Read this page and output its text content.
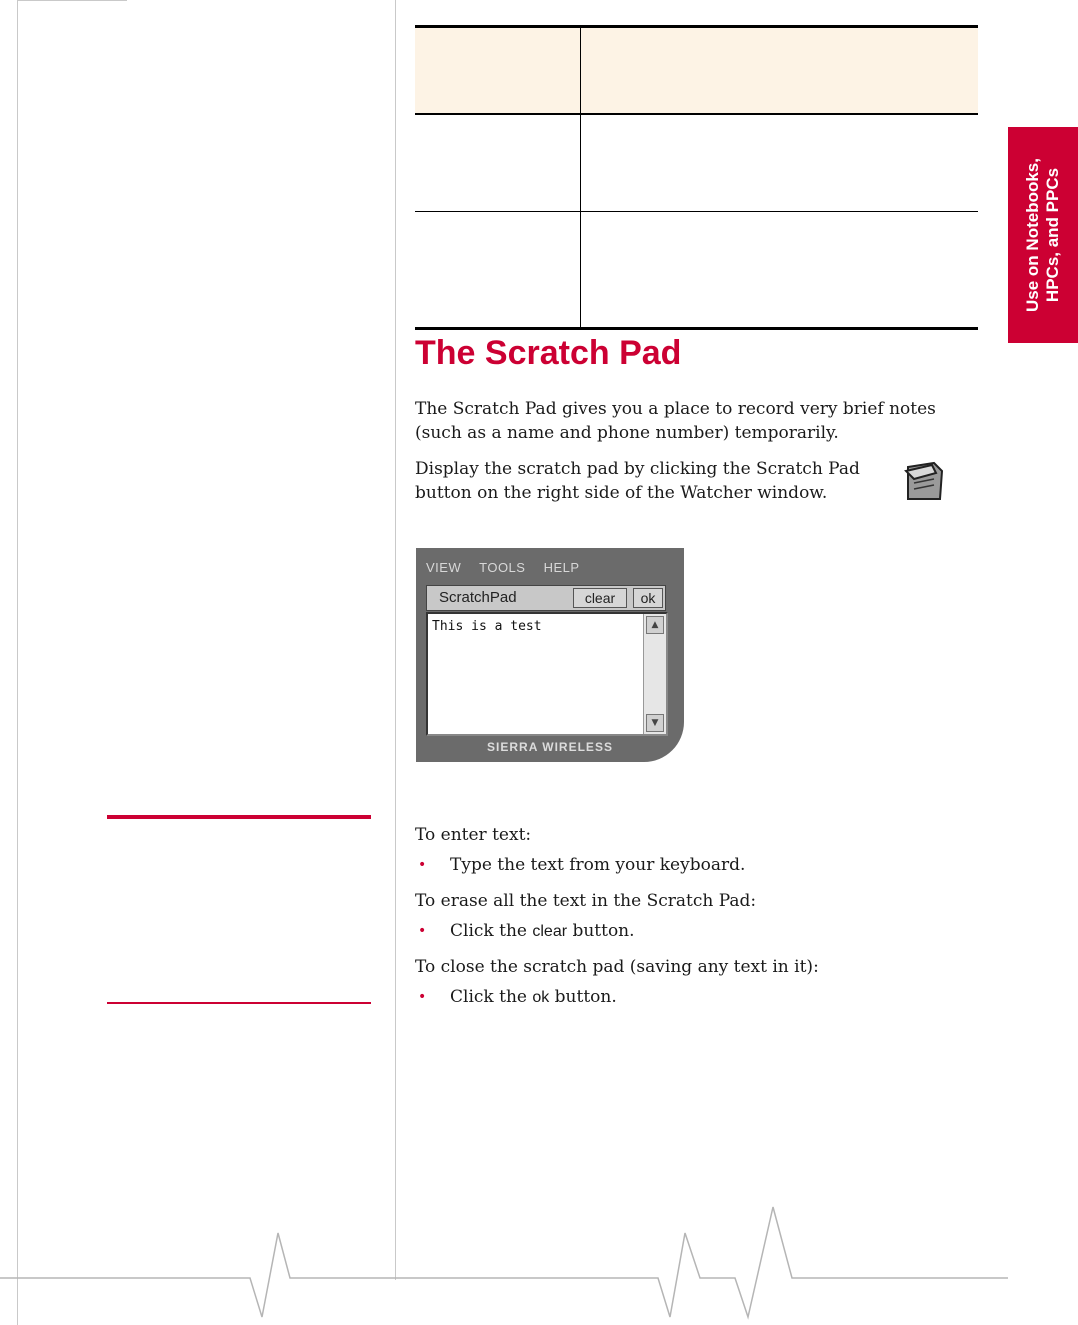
Use on Notebooks, HPCs, and PPCs
The Scratch Pad
The Scratch Pad gives you a place to record very brief notes (such as a name and phone number) temporarily.
Display the scratch pad by clicking the Scratch Pad button on the right side of the Watcher window.
VIEW TOOLS HELP
ScratchPad	clear	ok
This is a test	▲
▼
SIERRA WIRELESS
To enter text:
• Type the text from your keyboard.
To erase all the text in the Scratch Pad:
• Click the clear button.
To close the scratch pad (saving any text in it):
• Click the ok button.
